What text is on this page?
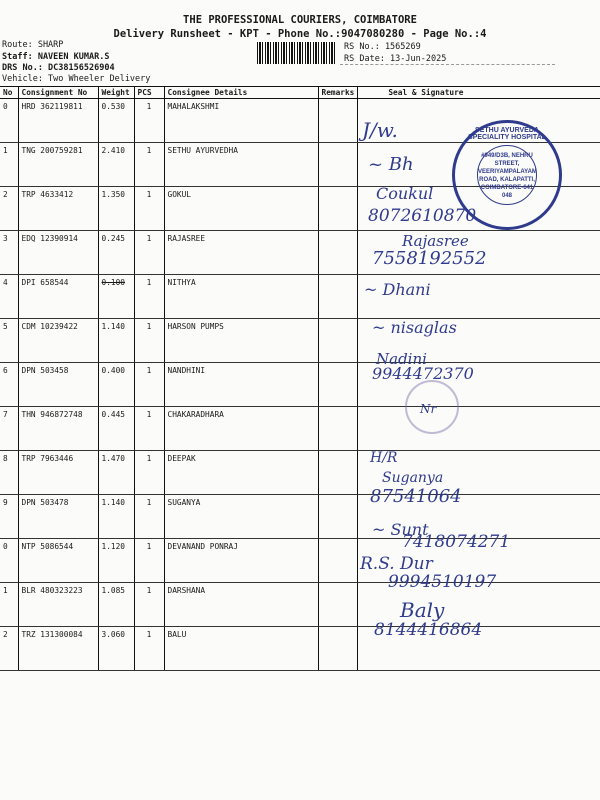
THE PROFESSIONAL COURIERS, COIMBATORE
Delivery Runsheet - KPT - Phone No.:9047080280 - Page No.:4
Route: SHARP
Staff: NAVEEN KUMAR.S
DRS No.: DC38156526904
Vehicle: Two Wheeler Delivery
RS No.: 1565269
RS Date: 13-Jun-2025
No	Consignment No	Weight	PCS	Consignee Details	Remarks	Seal & Signature
0	HRD 362119811	0.530	1	MAHALAKSHMI		
1	TNG 200759281	2.410	1	SETHU AYURVEDHA		
2	TRP 4633412	1.350	1	GOKUL		
3	EDQ 12390914	0.245	1	RAJASREE		
4	DPI 658544	0.100	1	NITHYA		
5	CDM 10239422	1.140	1	HARSON PUMPS		
6	DPN 503458	0.400	1	NANDHINI		
7	THN 946872748	0.445	1	CHAKARADHARA		
8	TRP 7963446	1.470	1	DEEPAK		
9	DPN 503478	1.140	1	SUGANYA		
0	NTP 5086544	1.120	1	DEVANAND PONRAJ		
1	BLR 480323223	1.085	1	DARSHANA		
2	TRZ 131300084	3.060	1	BALU		
SETHU AYURVEDA SPECIALITY HOSPITAL
#949/D3B, NEHRU STREET, VEERIYAMPALAYAM ROAD, KALAPATTI, COIMBATORE-641 048
J/w.
~ Bh
Coukul
8072610870
Rajasree
7558192552
~ Dhani
~ nisaglas
Nadini
9944472370
Nr
H/R
Suganya
87541064
~ Sunt
7418074271
R.S. Dur
9994510197
Baly
8144416864
